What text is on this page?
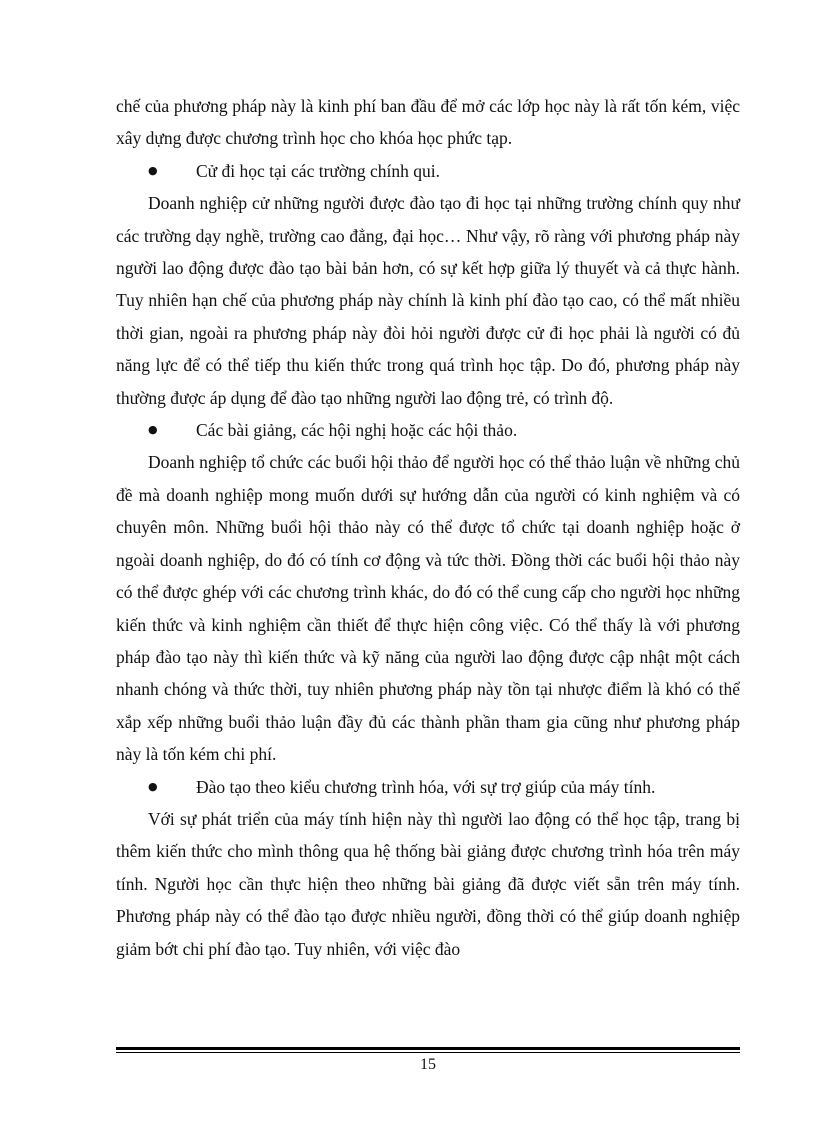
chế của phương pháp này là kinh phí ban đầu để mở các lớp học này là rất tốn kém, việc xây dựng được chương trình học cho khóa học phức tạp.

●	Cử đi học tại các trường chính qui.

Doanh nghiệp cử những người được đào tạo đi học tại những trường chính quy như các trường dạy nghề, trường cao đẳng, đại học… Như vậy, rõ ràng với phương pháp này người lao động được đào tạo bài bản hơn, có sự kết hợp giữa lý thuyết và cả thực hành. Tuy nhiên hạn chế của phương pháp này chính là kinh phí đào tạo cao, có thể mất nhiều thời gian, ngoài ra phương pháp này đòi hỏi người được cử đi học phải là người có đủ năng lực để có thể tiếp thu kiến thức trong quá trình học tập. Do đó, phương pháp này thường được áp dụng để đào tạo những người lao động trẻ, có trình độ.

●	Các bài giảng, các hội nghị hoặc các hội thảo.

Doanh nghiệp tổ chức các buổi hội thảo để người học có thể thảo luận về những chủ đề mà doanh nghiệp mong muốn dưới sự hướng dẫn của người có kinh nghiệm và có chuyên môn. Những buổi hội thảo này có thể được tổ chức tại doanh nghiệp hoặc ở ngoài doanh nghiệp, do đó có tính cơ động và tức thời. Đồng thời các buổi hội thảo này có thể được ghép với các chương trình khác, do đó có thể cung cấp cho người học những kiến thức và kinh nghiệm cần thiết để thực hiện công việc. Có thể thấy là với phương pháp đào tạo này thì kiến thức và kỹ năng của người lao động được cập nhật một cách nhanh chóng và thức thời, tuy nhiên phương pháp này tồn tại nhược điểm là khó có thể xắp xếp những buổi thảo luận đầy đủ các thành phần tham gia cũng như phương pháp này là tốn kém chi phí.

●	Đào tạo theo kiểu chương trình hóa, với sự trợ giúp của máy tính.

Với sự phát triển của máy tính hiện này thì người lao động có thể học tập, trang bị thêm kiến thức cho mình thông qua hệ thống bài giảng được chương trình hóa trên máy tính. Người học cần thực hiện theo những bài giảng đã được viết sẵn trên máy tính. Phương pháp này có thể đào tạo được nhiều người, đồng thời có thể giúp doanh nghiệp giảm bớt chi phí đào tạo. Tuy nhiên, với việc đào

15
